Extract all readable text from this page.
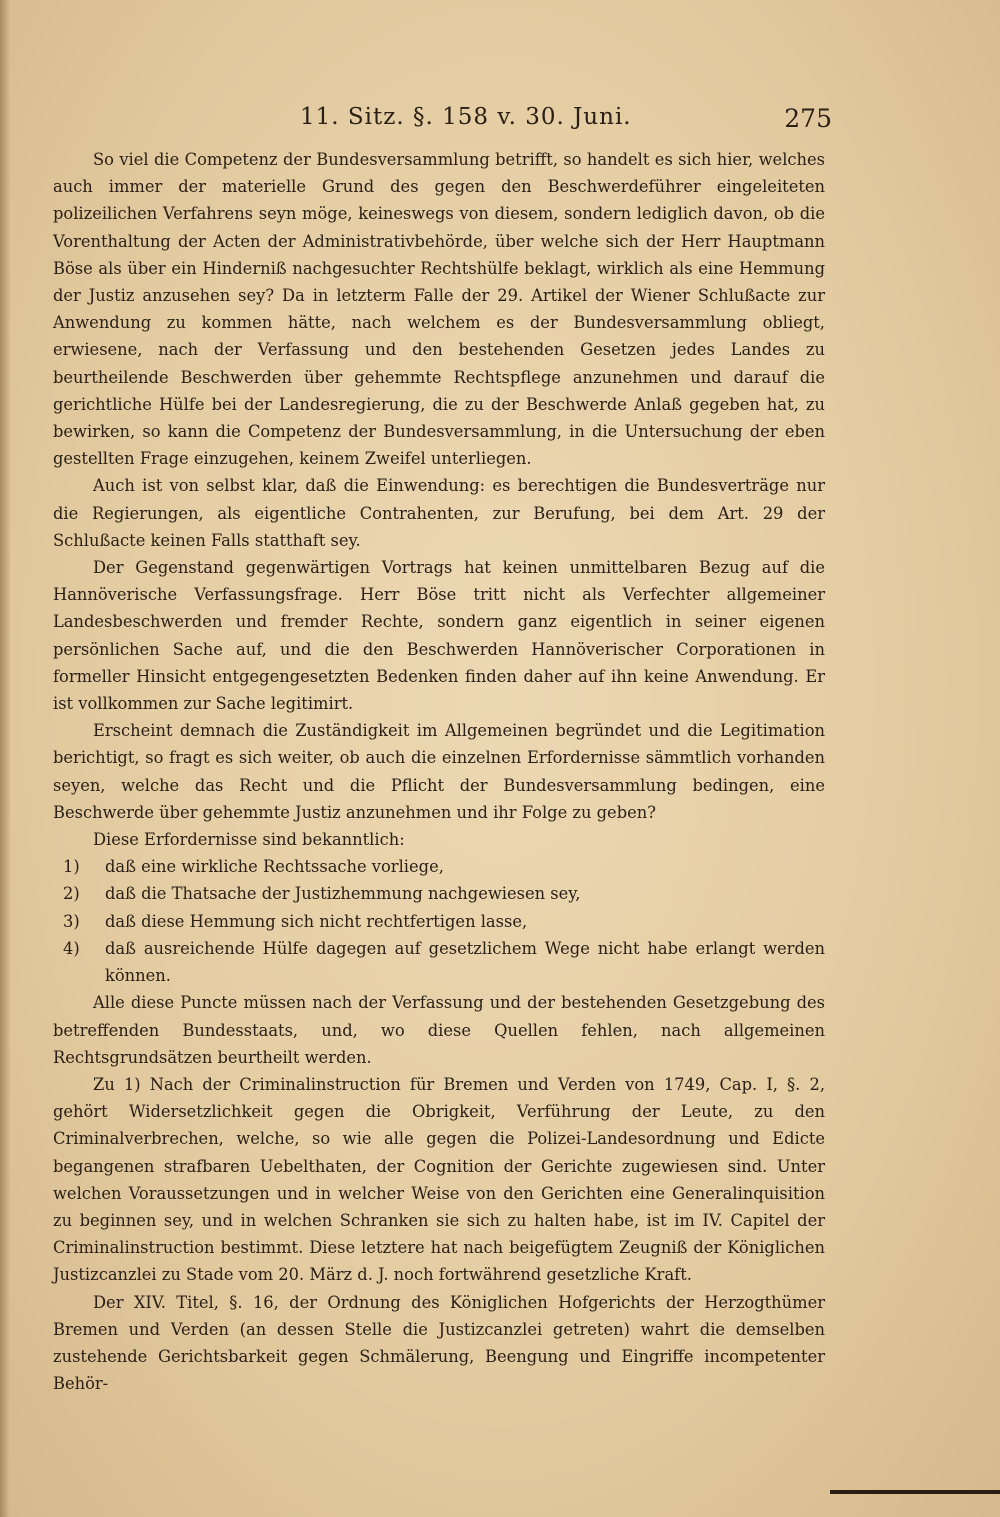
11. Sitz. §. 158 v. 30. Juni.	275

So viel die Competenz der Bundesversammlung betrifft, so handelt es sich hier, welches auch immer der materielle Grund des gegen den Beschwerdeführer eingeleiteten polizeilichen Verfahrens seyn möge, keineswegs von diesem, sondern lediglich davon, ob die Vorenthaltung der Acten der Administrativbehörde, über welche sich der Herr Hauptmann Böse als über ein Hinderniß nachgesuchter Rechtshülfe beklagt, wirklich als eine Hemmung der Justiz anzusehen sey? Da in letzterm Falle der 29. Artikel der Wiener Schlußacte zur Anwendung zu kommen hätte, nach welchem es der Bundesversammlung obliegt, erwiesene, nach der Verfassung und den bestehenden Gesetzen jedes Landes zu beurtheilende Beschwerden über gehemmte Rechtspflege anzunehmen und darauf die gerichtliche Hülfe bei der Landesregierung, die zu der Beschwerde Anlaß gegeben hat, zu bewirken, so kann die Competenz der Bundesversammlung, in die Untersuchung der eben gestellten Frage einzugehen, keinem Zweifel unterliegen.

Auch ist von selbst klar, daß die Einwendung: es berechtigen die Bundesverträge nur die Regierungen, als eigentliche Contrahenten, zur Berufung, bei dem Art. 29 der Schlußacte keinen Falls statthaft sey.

Der Gegenstand gegenwärtigen Vortrags hat keinen unmittelbaren Bezug auf die Hannöverische Verfassungsfrage. Herr Böse tritt nicht als Verfechter allgemeiner Landesbeschwerden und fremder Rechte, sondern ganz eigentlich in seiner eigenen persönlichen Sache auf, und die den Beschwerden Hannöverischer Corporationen in formeller Hinsicht entgegengesetzten Bedenken finden daher auf ihn keine Anwendung. Er ist vollkommen zur Sache legitimirt.

Erscheint demnach die Zuständigkeit im Allgemeinen begründet und die Legitimation berichtigt, so fragt es sich weiter, ob auch die einzelnen Erfordernisse sämmtlich vorhanden seyen, welche das Recht und die Pflicht der Bundesversammlung bedingen, eine Beschwerde über gehemmte Justiz anzunehmen und ihr Folge zu geben?

Diese Erfordernisse sind bekanntlich:

1) daß eine wirkliche Rechtssache vorliege,
2) daß die Thatsache der Justizhemmung nachgewiesen sey,
3) daß diese Hemmung sich nicht rechtfertigen lasse,
4) daß ausreichende Hülfe dagegen auf gesetzlichem Wege nicht habe erlangt werden können.

Alle diese Puncte müssen nach der Verfassung und der bestehenden Gesetzgebung des betreffenden Bundesstaats, und, wo diese Quellen fehlen, nach allgemeinen Rechtsgrundsätzen beurtheilt werden.

Zu 1) Nach der Criminalinstruction für Bremen und Verden von 1749, Cap. I, §. 2, gehört Widersetzlichkeit gegen die Obrigkeit, Verführung der Leute, zu den Criminalverbrechen, welche, so wie alle gegen die Polizei-Landesordnung und Edicte begangenen strafbaren Uebelthaten, der Cognition der Gerichte zugewiesen sind. Unter welchen Voraussetzungen und in welcher Weise von den Gerichten eine Generalinquisition zu beginnen sey, und in welchen Schranken sie sich zu halten habe, ist im IV. Capitel der Criminalinstruction bestimmt. Diese letztere hat nach beigefügtem Zeugniß der Königlichen Justizcanzlei zu Stade vom 20. März d. J. noch fortwährend gesetzliche Kraft.

Der XIV. Titel, §. 16, der Ordnung des Königlichen Hofgerichts der Herzogthümer Bremen und Verden (an dessen Stelle die Justizcanzlei getreten) wahrt die demselben zustehende Gerichtsbarkeit gegen Schmälerung, Beengung und Eingriffe incompetenter Behör-
